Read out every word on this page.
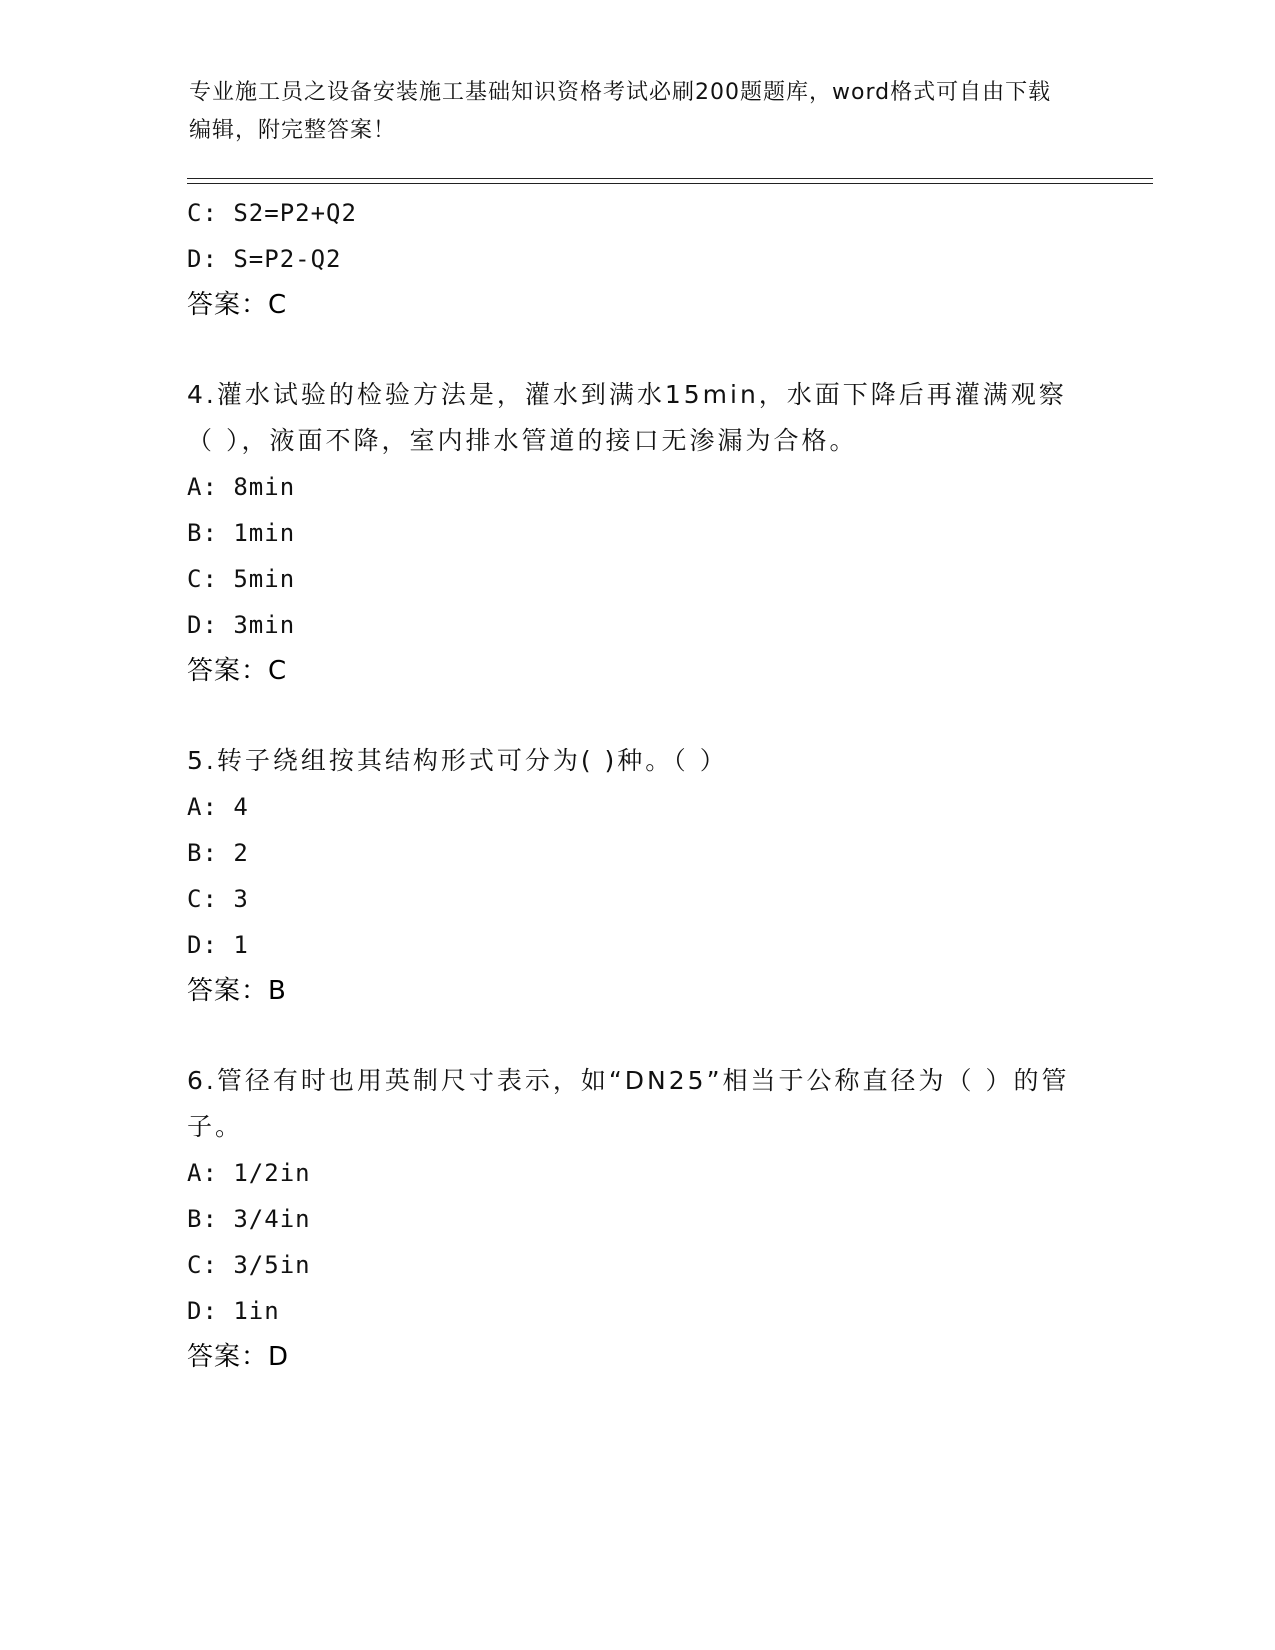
专业施工员之设备安装施工基础知识资格考试必刷200题题库，word格式可自由下载编辑，附完整答案！
C: S2=P2+Q2
D: S=P2-Q2
答案：C
4.灌水试验的检验方法是，灌水到满水15min，水面下降后再灌满观察（ ），液面不降，室内排水管道的接口无渗漏为合格。
A: 8min
B: 1min
C: 5min
D: 3min
答案：C
5.转子绕组按其结构形式可分为( )种。（ ）
A: 4
B: 2
C: 3
D: 1
答案：B
6.管径有时也用英制尺寸表示，如“DN25”相当于公称直径为（ ）的管子。
A: 1/2in
B: 3/4in
C: 3/5in
D: 1in
答案：D
